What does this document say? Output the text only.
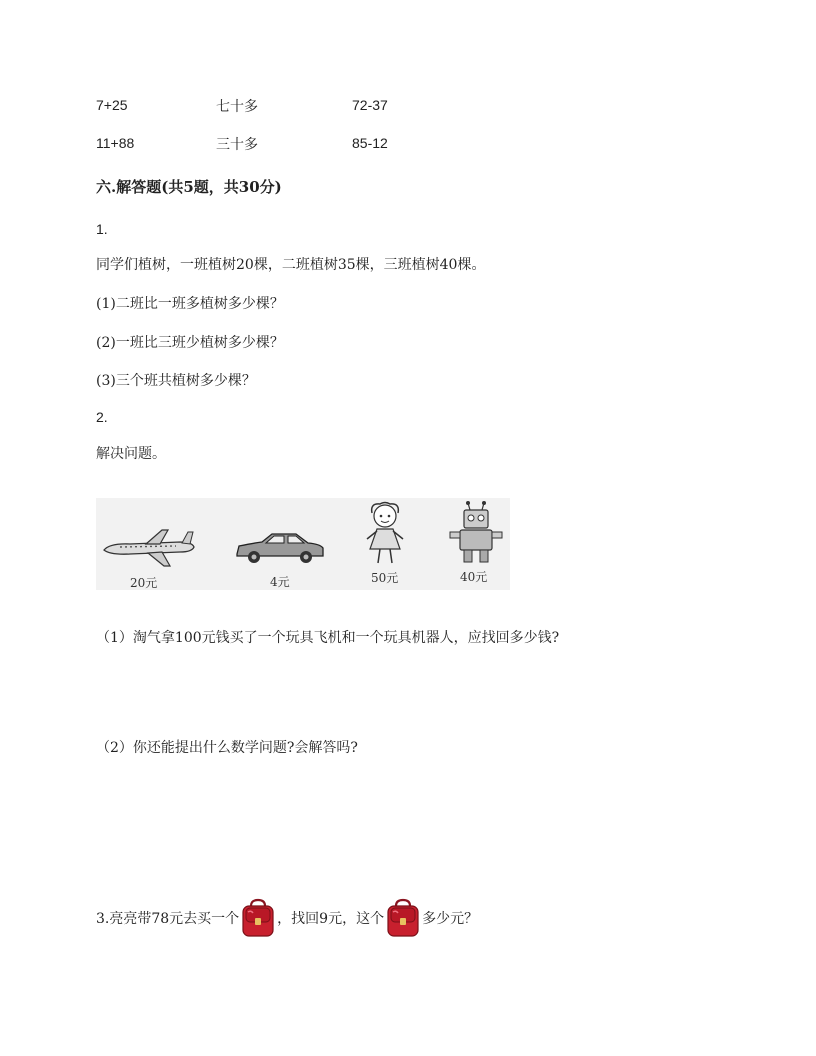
7+25	七十多	72-37
11+88	三十多	85-12
六.解答题(共5题，共30分)
1.
同学们植树，一班植树20棵，二班植树35棵，三班植树40棵。
(1)二班比一班多植树多少棵？
(2)一班比三班少植树多少棵？
(3)三个班共植树多少棵？
2.
解决问题。
20元	4元	50元	40元
（1）淘气拿100元钱买了一个玩具飞机和一个玩具机器人，应找回多少钱?
（2）你还能提出什么数学问题?会解答吗?
3.亮亮带78元去买一个	，找回9元，这个	多少元？
